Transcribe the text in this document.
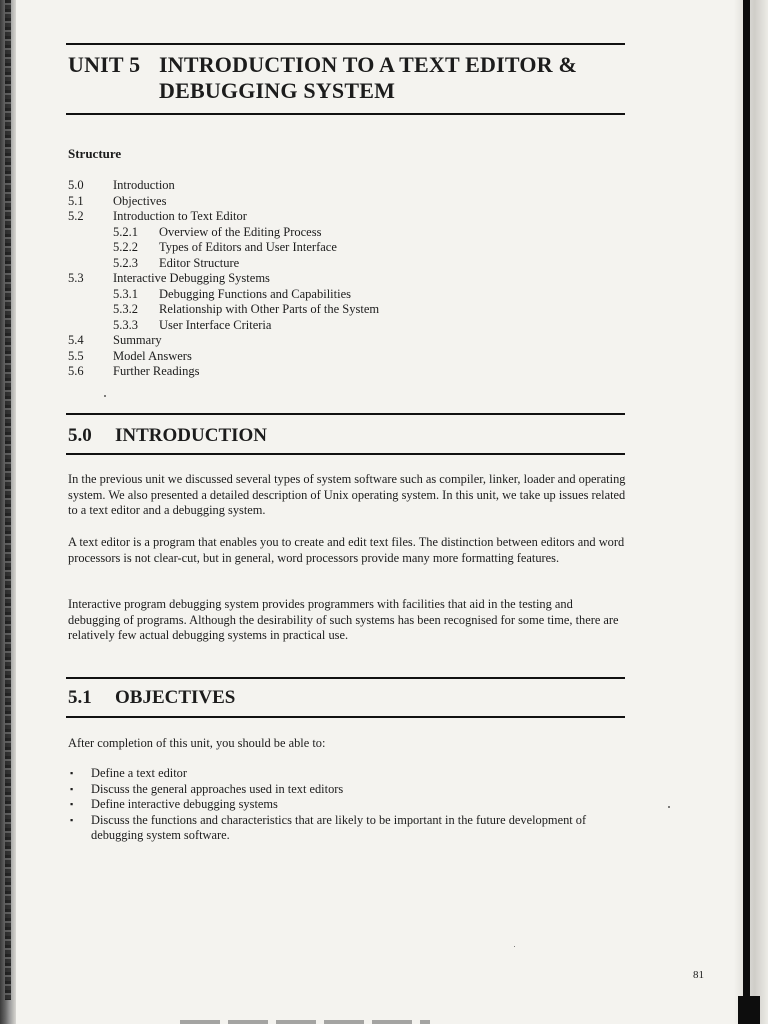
UNIT 5 INTRODUCTION TO A TEXT EDITOR &
DEBUGGING SYSTEM
Structure
5.0 Introduction
5.1 Objectives
5.2 Introduction to Text Editor
5.2.1 Overview of the Editing Process
5.2.2 Types of Editors and User Interface
5.2.3 Editor Structure
5.3 Interactive Debugging Systems
5.3.1 Debugging Functions and Capabilities
5.3.2 Relationship with Other Parts of the System
5.3.3 User Interface Criteria
5.4 Summary
5.5 Model Answers
5.6 Further Readings
5.0 INTRODUCTION

In the previous unit we discussed several types of system software such as compiler, linker, loader and operating system. We also presented a detailed description of Unix operating system. In this unit, we take up issues related to a text editor and a debugging system.

A text editor is a program that enables you to create and edit text files. The distinction between editors and word processors is not clear-cut, but in general, word processors provide many more formatting features.

Interactive program debugging system provides programmers with facilities that aid in the testing and debugging of programs. Although the desirability of such systems has been recognised for some time, there are relatively few actual debugging systems in practical use.

5.1 OBJECTIVES

After completion of this unit, you should be able to:

▪ Define a text editor
▪ Discuss the general approaches used in text editors
▪ Define interactive debugging systems
▪ Discuss the functions and characteristics that are likely to be important in the future development of debugging system software.
81
